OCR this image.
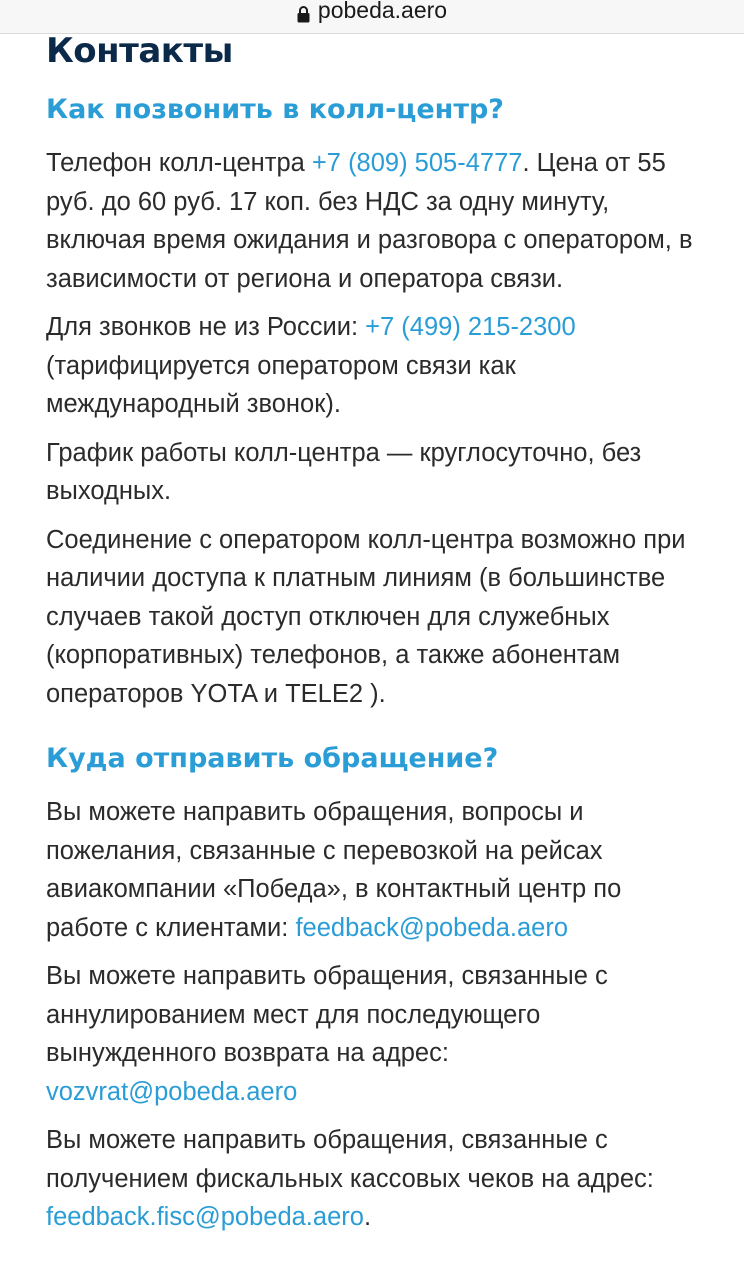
pobeda.aero
Контакты
Как позвонить в колл-центр?

Телефон колл-центра +7 (809) 505-4777. Цена от 55 руб. до 60 руб. 17 коп. без НДС за одну минуту, включая время ожидания и разговора с оператором, в зависимости от региона и оператора связи.

Для звонков не из России: +7 (499) 215-2300 (тарифицируется оператором связи как международный звонок).

График работы колл-центра — круглосуточно, без выходных.

Соединение с оператором колл-центра возможно при наличии доступа к платным линиям (в большинстве случаев такой доступ отключен для служебных (корпоративных) телефонов, а также абонентам операторов YOTA и TELE2 ).

Куда отправить обращение?

Вы можете направить обращения, вопросы и пожелания, связанные с перевозкой на рейсах авиакомпании «Победа», в контактный центр по работе с клиентами: feedback@pobeda.aero

Вы можете направить обращения, связанные с аннулированием мест для последующего вынужденного возврата на адрес: vozvrat@pobeda.aero

Вы можете направить обращения, связанные с получением фискальных кассовых чеков на адрес: feedback.fisc@pobeda.aero.
